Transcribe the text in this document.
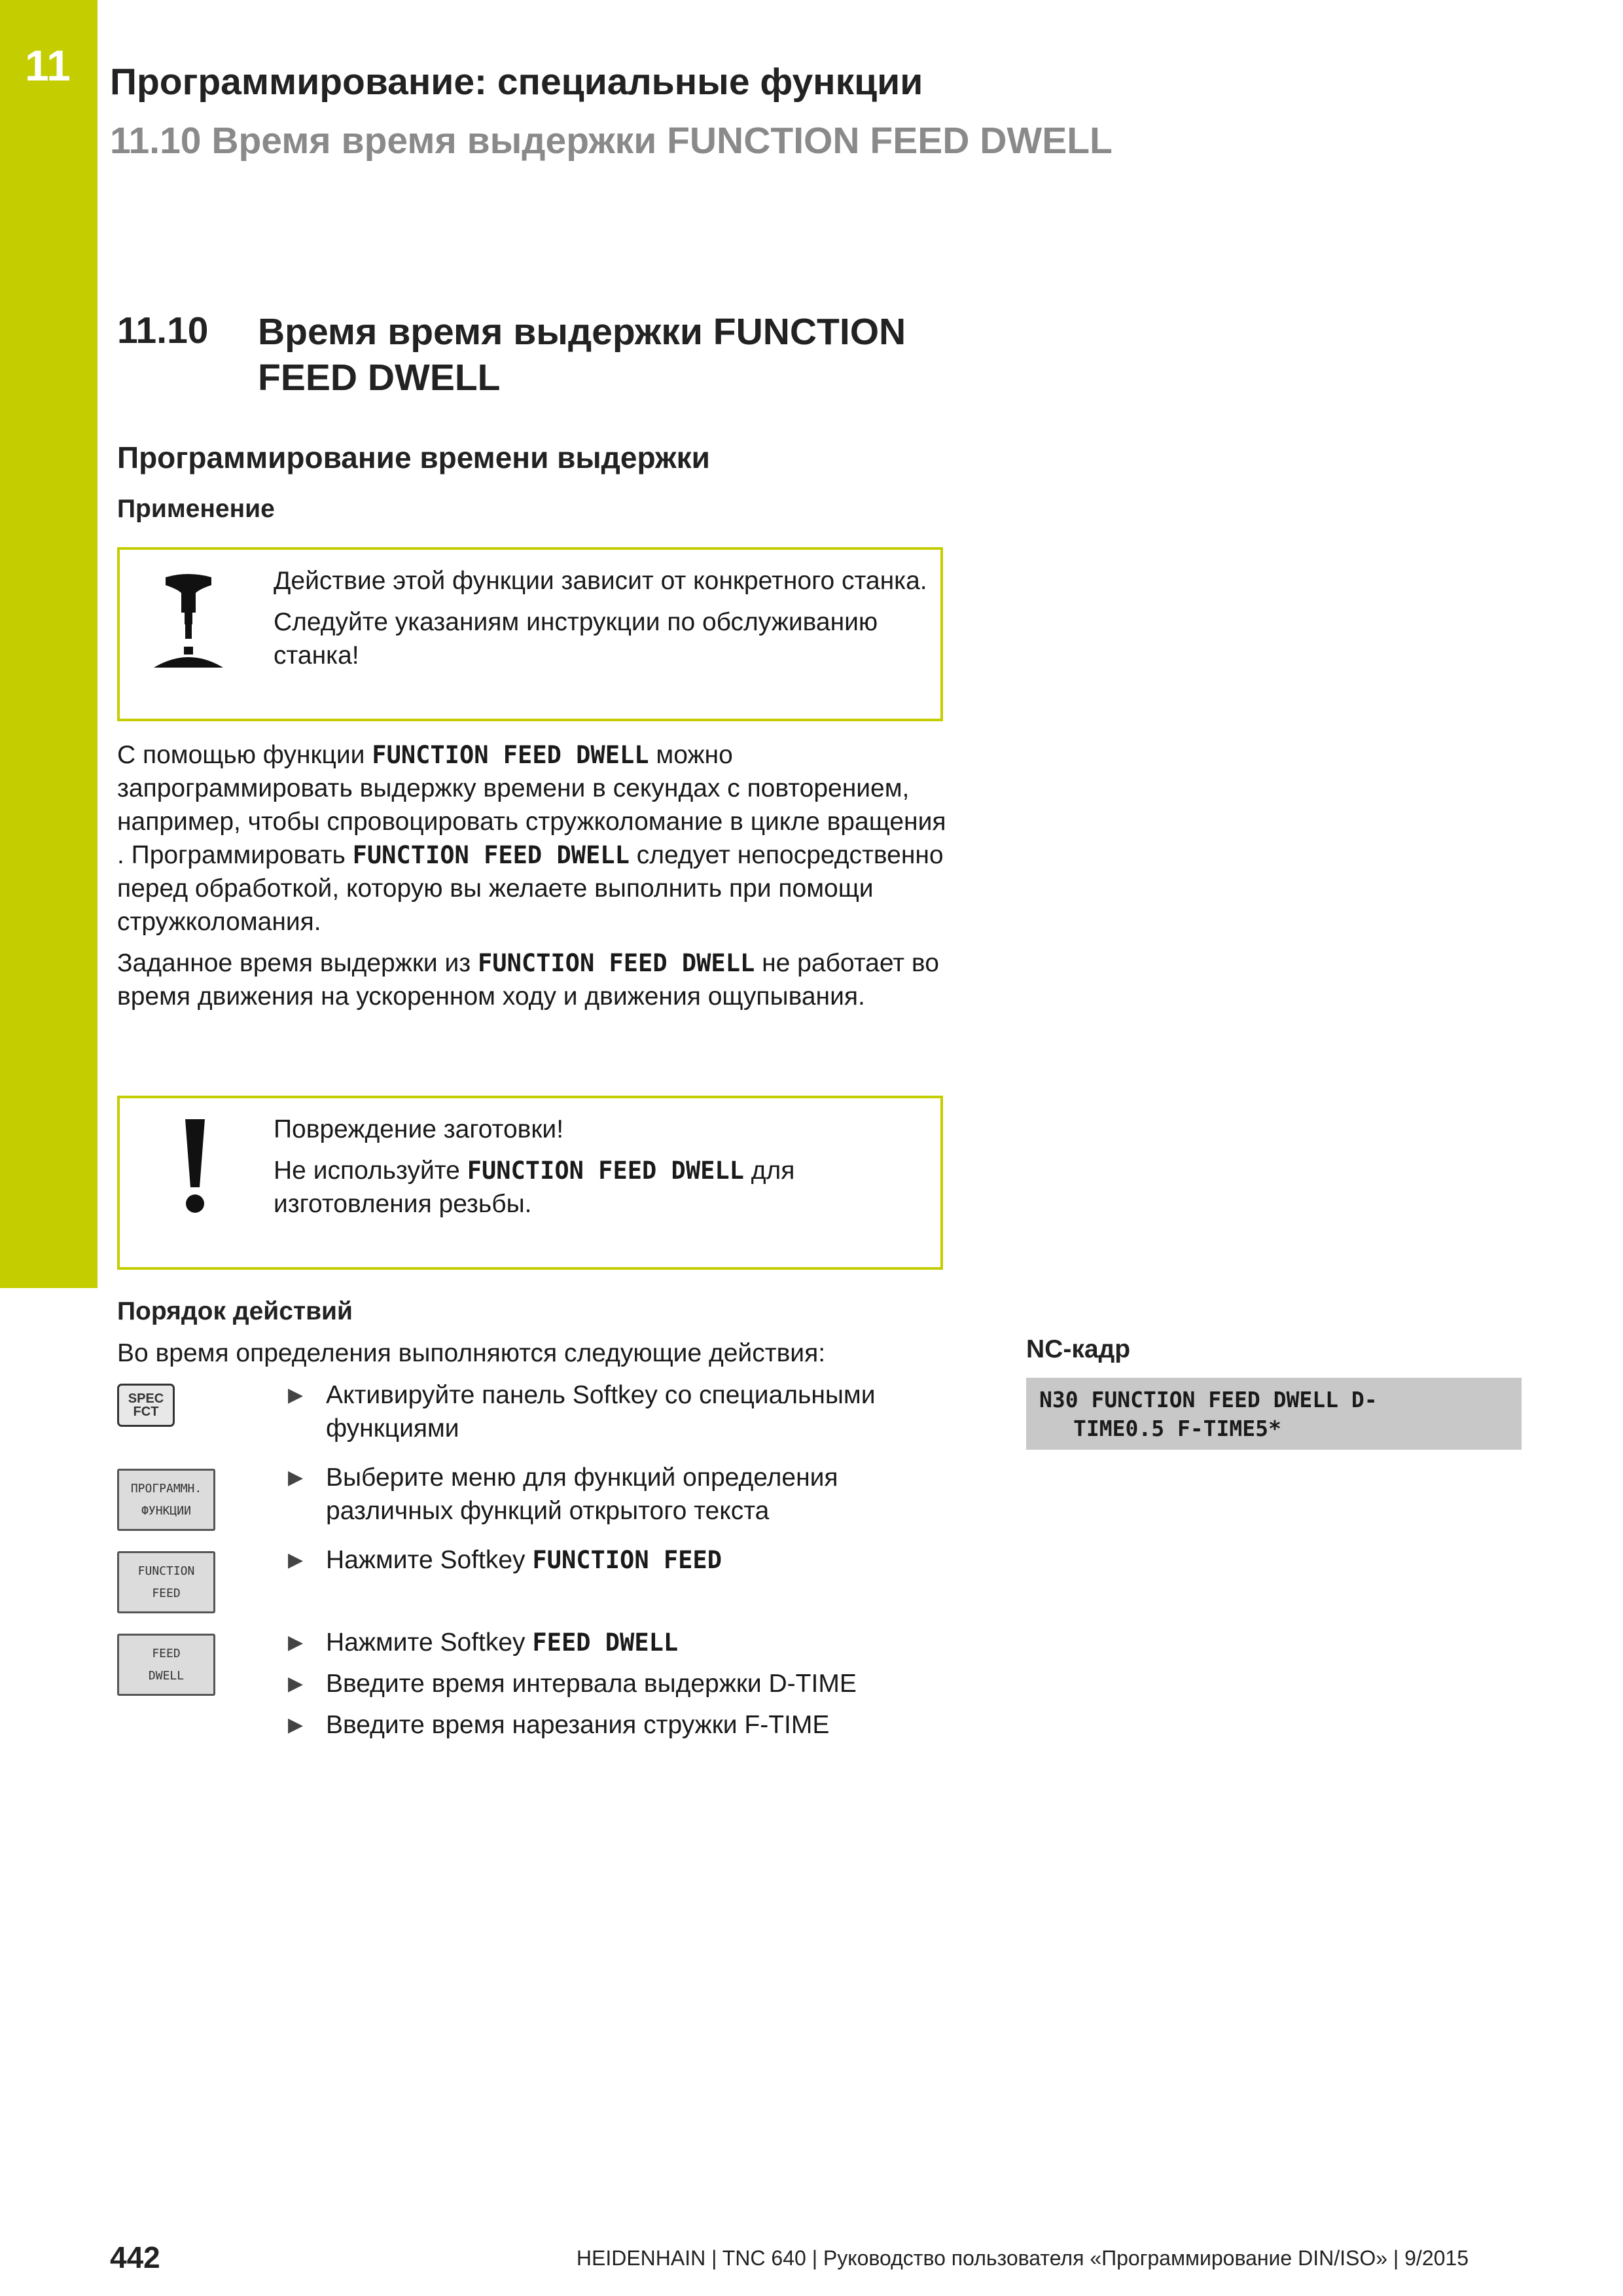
11 Программирование: специальные функции
11.10 Время время выдержки FUNCTION FEED DWELL
11.10 Время время выдержки FUNCTION FEED DWELL
Программирование времени выдержки
Применение

Действие этой функции зависит от конкретного станка.

Следуйте указаниям инструкции по обслуживанию станка!

С помощью функции FUNCTION FEED DWELL можно запрограммировать выдержку времени в секундах с повторением, например, чтобы спровоцировать стружколомание в цикле вращения . Программировать FUNCTION FEED DWELL следует непосредственно перед обработкой, которую вы желаете выполнить при помощи стружколомания.

Заданное время выдержки из FUNCTION FEED DWELL не работает во время движения на ускоренном ходу и движения ощупывания.

Повреждение заготовки!

Не используйте FUNCTION FEED DWELL для изготовления резьбы.

Порядок действий
Во время определения выполняются следующие действия:
SPEC
FCT
ПРОГРАММН.
ФУНКЦИИ
FUNCTION
FEED
FEED
DWELL
▶ Активируйте панель Softkey со специальными функциями
▶ Выберите меню для функций определения различных функций открытого текста
▶ Нажмите Softkey FUNCTION FEED
▶ Нажмите Softkey FEED DWELL
▶ Введите время интервала выдержки D-TIME
▶ Введите время нарезания стружки F-TIME
NC-кадр
N30 FUNCTION FEED DWELL D-
TIME0.5 F-TIME5*
442	HEIDENHAIN | TNC 640 | Руководство пользователя «Программирование DIN/ISO» | 9/2015
